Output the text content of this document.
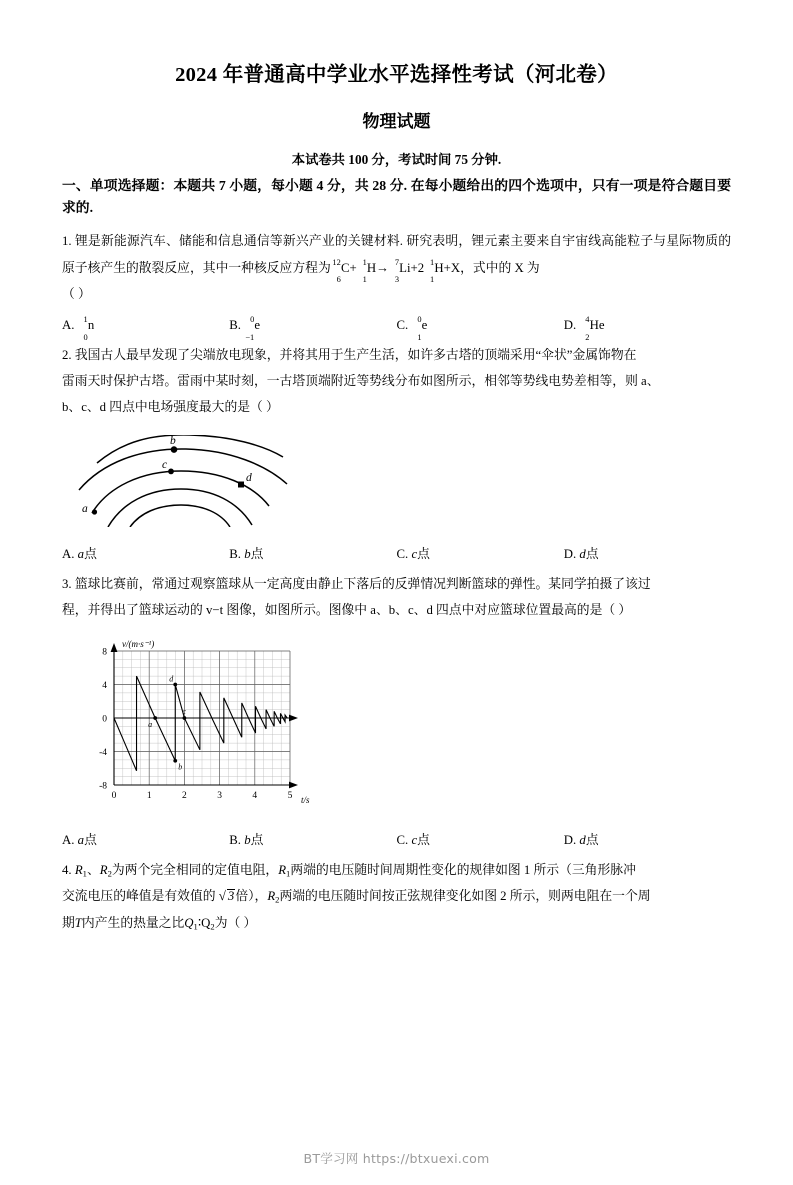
2024 年普通高中学业水平选择性考试（河北卷）
物理试题
本试卷共 100 分，考试时间 75 分钟.
一、单项选择题：本题共 7 小题，每小题 4 分，共 28 分. 在每小题给出的四个选项中，只有一项是符合题目要求的.
1. 锂是新能源汽车、储能和信息通信等新兴产业的关键材料. 研究表明，锂元素主要来自宇宙线高能粒子与星际物质的原子核产生的散裂反应，其中一种核反应方程为 12
6
C+ 1
1
H→ 7
3
Li+2 1
1
H+X，式中的 X 为
（ ）
A. 1
0
n	B. 0
−1
e	C. 0
1
e	D. 4
2
He
2. 我国古人最早发现了尖端放电现象，并将其用于生产生活，如许多古塔的顶端采用“伞状”金属饰物在
雷雨天时保护古塔。雷雨中某时刻，一古塔顶端附近等势线分布如图所示，相邻等势线电势差相等，则 a、
b、c、d 四点中电场强度最大的是（ ）
b
c
d
a
A. a点	B. b点	C. c点	D. d点
3. 篮球比赛前，常通过观察篮球从一定高度由静止下落后的反弹情况判断篮球的弹性。某同学拍摄了该过
程，并得出了篮球运动的 v−t 图像，如图所示。图像中 a、b、c、d 四点中对应篮球位置最高的是（ ）
a
b
c
d
-8
-4
0
4
8
0	1	2	3	4	5
v/(m·s⁻¹)
t/s
A. a点	B. b点	C. c点	D. d点
4. $R_1$、$R_2$为两个完全相同的定值电阻，$R_1$两端的电压随时间周期性变化的规律如图 1 所示（三角形脉冲
交流电压的峰值是有效值的 √ 3倍），$R_2$两端的电压随时间按正弦规律变化如图 2 所示，则两电阻在一个周
期T内产生的热量之比$Q_1∶Q_2$为（ ）
BT学习网 https://btxuexi.com
